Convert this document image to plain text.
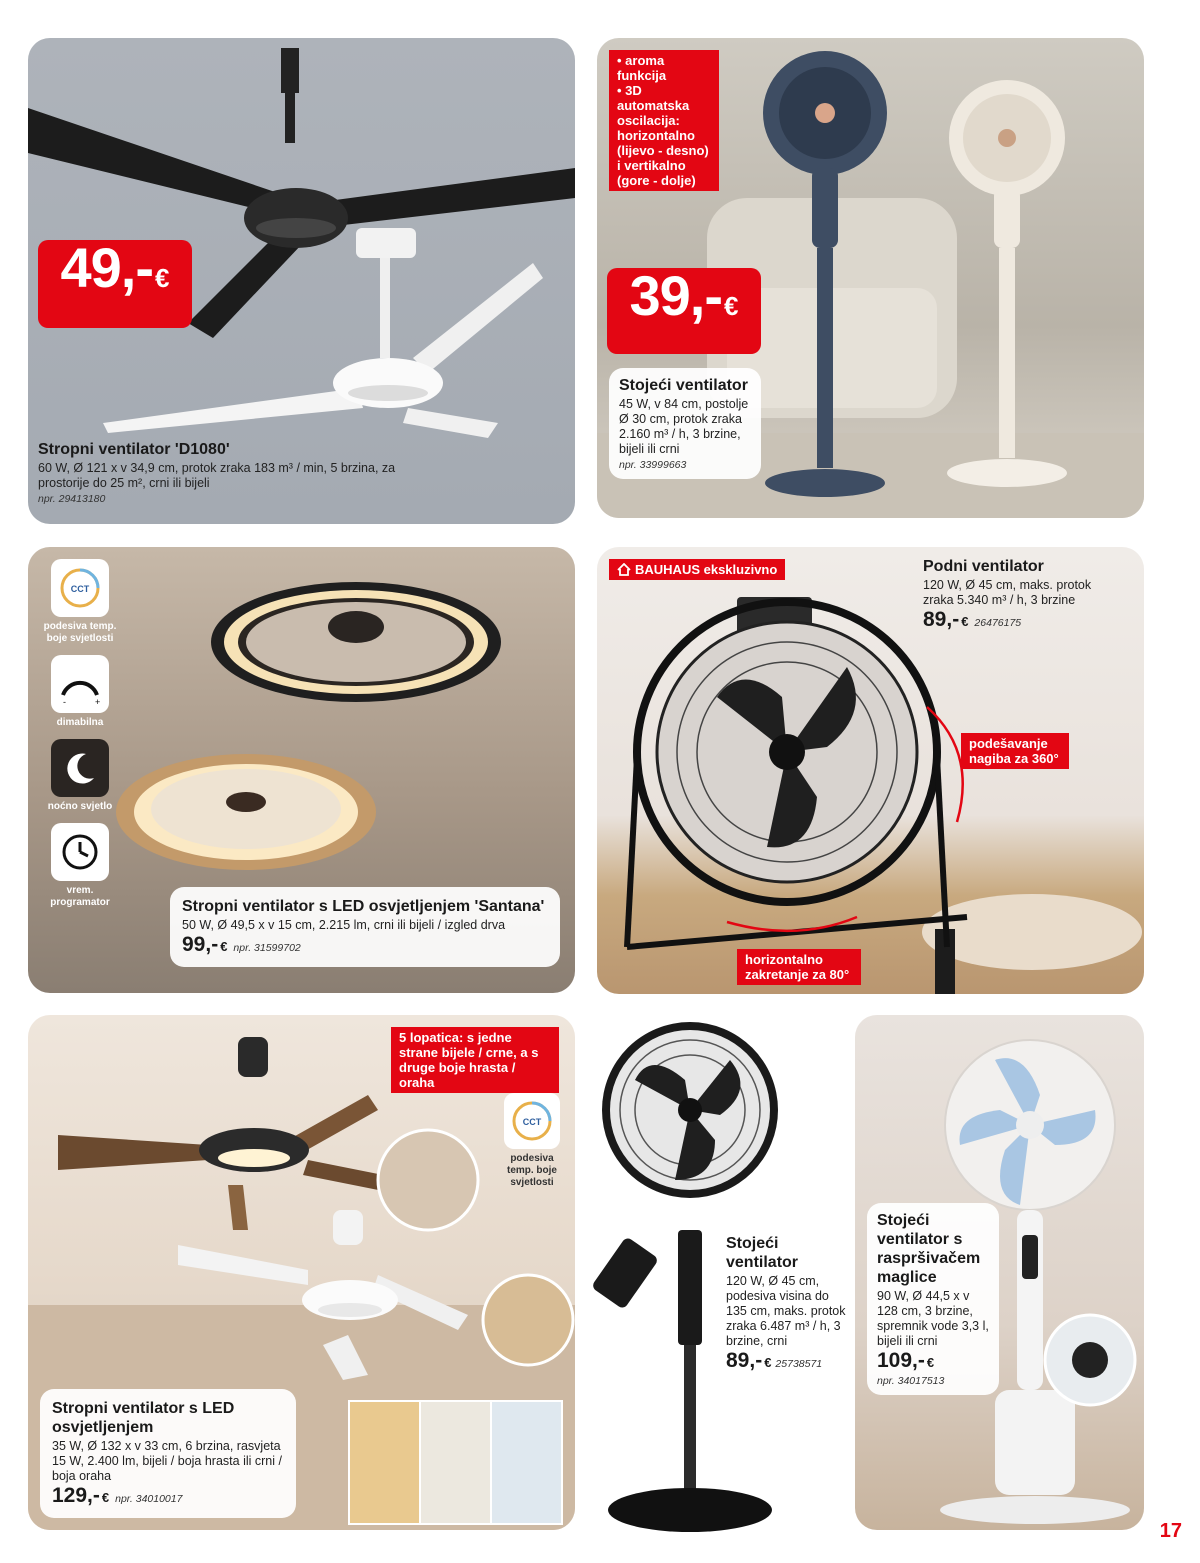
49,- €
Stropni ventilator 'D1080'
60 W, Ø 121 x v 34,9 cm, protok zraka 183 m³ / min, 5 brzina, za prostorije do 25 m², crni ili bijeli
npr. 29413180
• aroma funkcija
• 3D automatska oscilacija: horizontalno (lijevo - desno) i vertikalno (gore - dolje)
39,- €
Stojeći ventilator
45 W, v 84 cm, postolje Ø 30 cm, protok zraka 2.160 m³ / h, 3 brzine, bijeli ili crni
npr. 33999663
CCT
podesiva temp. boje svjetlosti
-	+
dimabilna
noćno svjetlo
vrem. programator	Stropni ventilator s LED osvjetljenjem 'Santana'
50 W, Ø 49,5 x v 15 cm, 2.215 lm, crni ili bijeli / izgled drva
99,- € npr. 31599702
BAUHAUS ekskluzivno	Podni ventilator
120 W, Ø 45 cm, maks. protok zraka 5.340 m³ / h, 3 brzine
89,- € 26476175
podešavanje nagiba za 360°
horizontalno zakretanje za 80°
5 lopatica: s jedne strane bijele / crne, a s druge boje hrasta / oraha
CCT
podesiva temp. boje svjetlosti
Stropni ventilator s LED osvjetljenjem
35 W, Ø 132 x v 33 cm, 6 brzina, rasvjeta 15 W, 2.400 lm, bijeli / boja hrasta ili crni / boja oraha
129,- € npr. 34010017
Stojeći ventilator
120 W, Ø 45 cm, podesiva visina do 135 cm, maks. protok zraka 6.487 m³ / h, 3 brzine, crni
89,- € 25738571
Stojeći ventilator s raspršivačem maglice
90 W, Ø 44,5 x v 128 cm, 3 brzine, spremnik vode 3,3 l, bijeli ili crni
109,- €
npr. 34017513
17
